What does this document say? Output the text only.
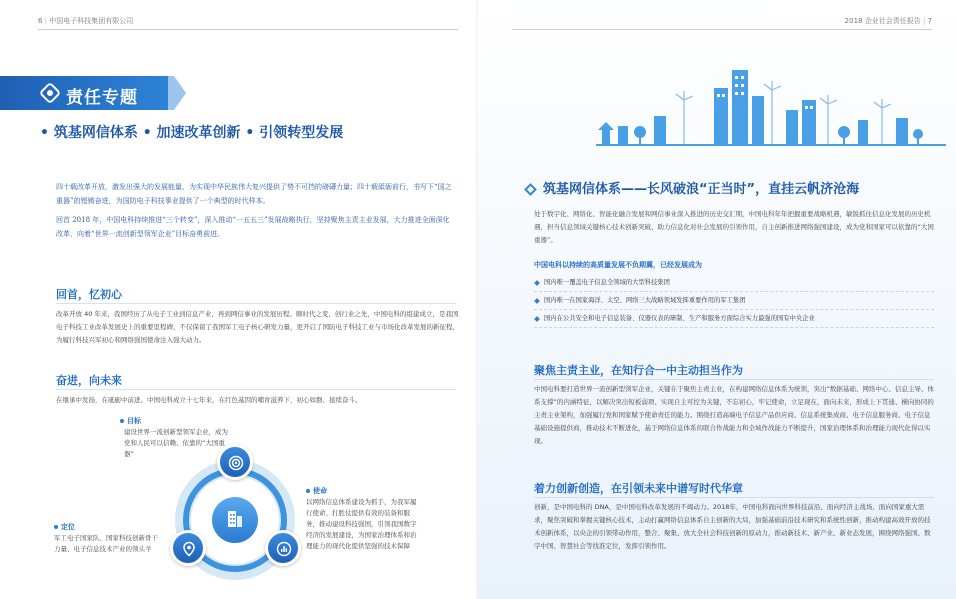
6 | 中国电子科技集团有限公司
责任专题
• 筑基网信体系 • 加速改革创新 • 引领转型发展

四十载改革开放，激发出强大的发展能量，为实现中华民族伟大复兴提供了势不可挡的磅礴力量；四十载砥砺前行，书写下“国之重器”的铿锵奋进，为国防电子科技事业提供了一个典型的时代样本。

回首 2018 年，中国电科持续推进“三个转变”，深入推动“一五五三”发展战略执行，坚持聚焦主责主业发展，大力推进全面深化改革，向着“世界一流创新型领军企业”目标奋勇前进。

回首，忆初心
改革开放 40 年来，我国经历了从电子工业到信息产业，再到网信事业的发展历程。顺时代之变，创行业之先，中国电科的组建成立，是我国电子科技工业改革发展史上的重要里程碑，不仅保留了我国军工电子核心研发力量，更开启了国防电子科技工业与市场化改革发展的新征程，为履行科技兴军初心和网络强国使命注入强大动力。
奋进，向未来
在继承中发扬，在砥砺中前进。中国电科成立十七年来，在红色基因的哺育滋养下，初心如磐、接续奋斗。
目标
建设世界一流创新型领军企业，成为党和人民可以信赖、依靠的“大国重器”
定位
军工电子国家队、国家科技创新骨干力量、电子信息技术产业的领头羊
使命
以网络信息体系建设为抓手，为我军履行使命、打胜仗提供有效的装备和服务，推动建设科技强国，引领我国数字经济的发展建设，为国家治理体系和治理能力的现代化提供坚强的技术保障
2018 企业社会责任报告 | 7
筑基网信体系——长风破浪“正当时”，直挂云帆济沧海
处于数字化、网络化、智能化融合发展和网信事业深入推进的历史交汇期，中国电科年年把握重要战略机遇，敏锐抓住信息化发展的历史机遇，担当信息领域关键核心技术创新突破、助力信息化对社会发展的引领作用，自主创新推进网络强国建设，成为党和国家可以依靠的“大国重器”。
中国电科以持续的高质量发展不负期冀，已经发展成为
国内唯一覆盖电子信息全领域的大型科技集团
国内唯一在国家海洋、太空、网络三大战略领域发挥重要作用的军工集团
国内在公共安全和电子信息装备、仪器仪表的研制、生产和服务方面综合实力最强的国有中央企业
聚焦主责主业，在知行合一中主动担当作为
中国电科要打造世界一流创新型领军企业，关键在于聚焦主责主业，在构建网络信息体系为统领，突出“数据基础、网络中心、信息主导、体系支撑”的内涵特征，以解决突出短板弱项、实现自主可控为关键，不忘初心，牢记使命，立足现在，面向未来，形成上下贯通、横向协同的主责主业架构，加强履行党和国家赋予使命责任的能力。围绕打造高端电子信息产品供应商、信息系统集成商、电子信息服务商、电子信息基础设施提供商，推动技术不断进化，基于网络信息体系的联合作战能力和全域作战能力不断提升，国家治理体系和治理能力现代化得以实现。
着力创新创造，在引领未来中谱写时代华章
创新，是中国电科的 DNA，是中国电科改革发展的不竭动力。2018年，中国电科面向世界科技前沿、面向经济主战场、面向国家重大需求，聚焦突破和掌握关键核心技术，主动打赢网络信息体系自主创新的大局，加强基础前沿技术研究和系统性创新，推动构建高效开放的技术创新体系，以央企的引领带动作用，整合、聚集、放大全社会科技创新的原动力，推动新技术、新产业、新业态发展，围绕网络强国、数字中国、智慧社会等找准定位，发挥引领作用。
